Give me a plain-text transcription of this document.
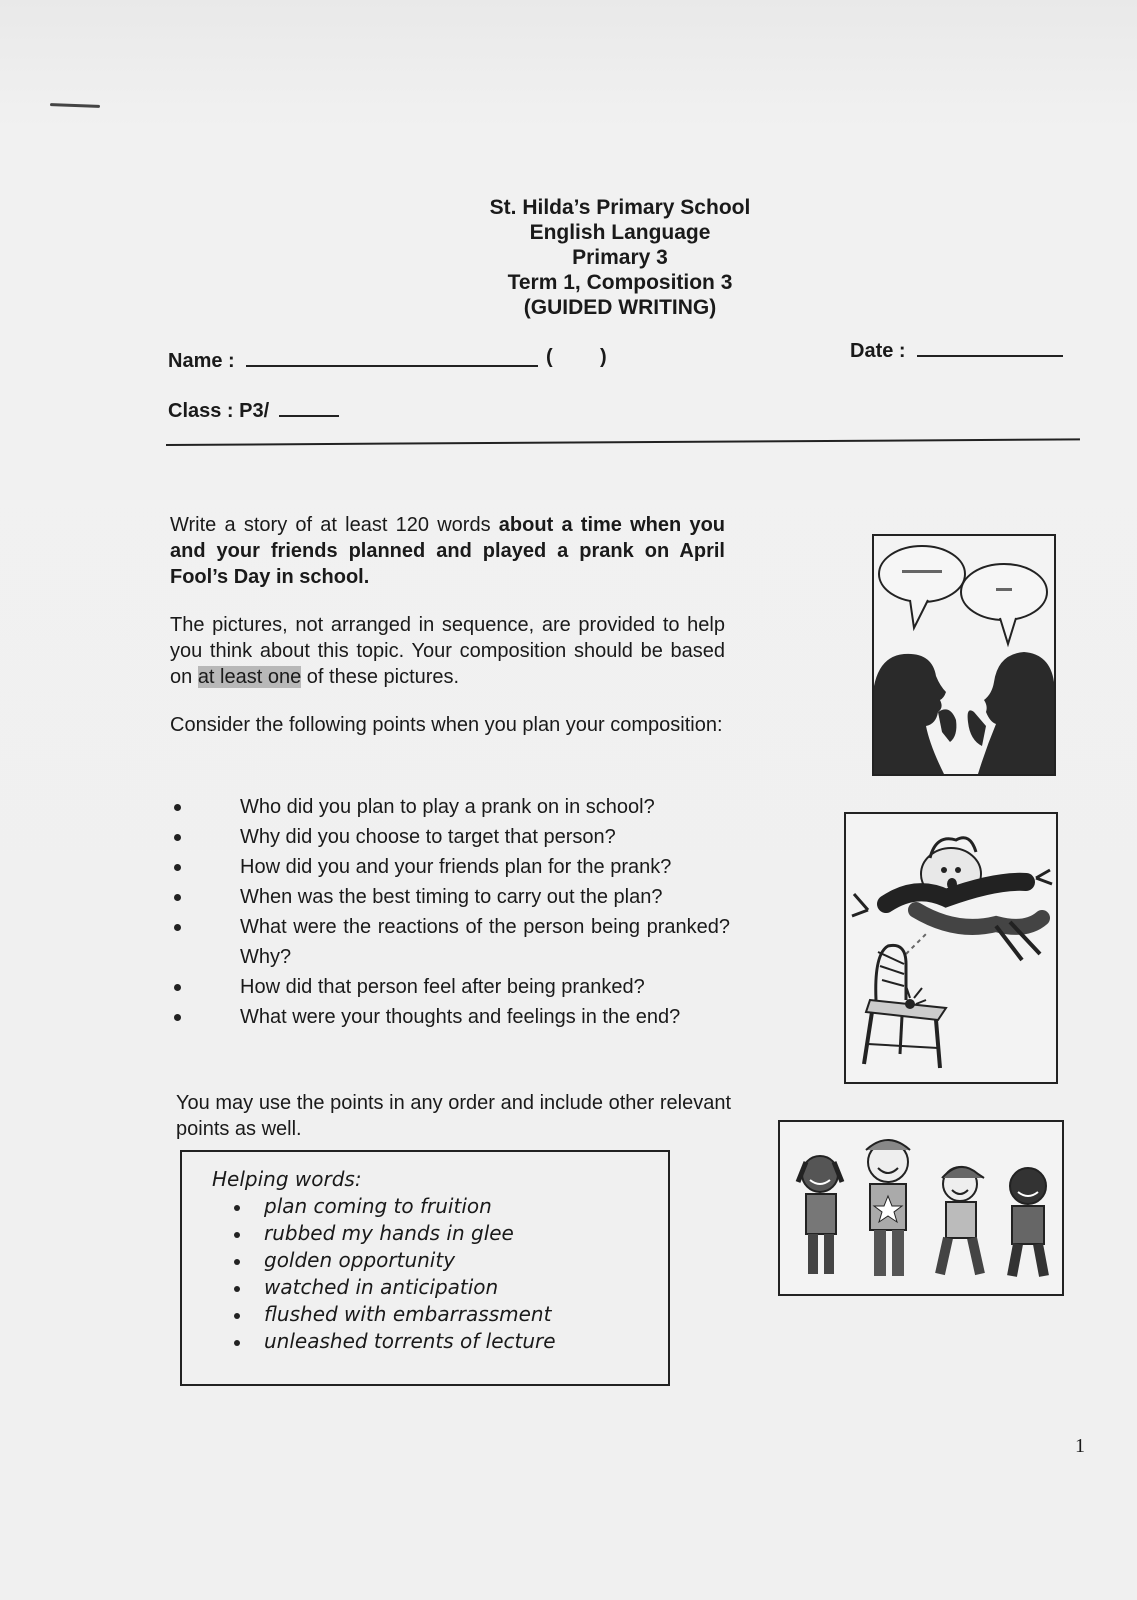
St. Hilda’s Primary School
English Language
Primary 3
Term 1, Composition 3
(GUIDED WRITING)
Name :	( )	Date :
Class : P3/
Write a story of at least 120 words about a time when you and your friends planned and played a prank on April Fool’s Day in school.
The pictures, not arranged in sequence, are provided to help you think about this topic. Your composition should be based on at least one of these pictures.
Consider the following points when you plan your composition:
Who did you plan to play a prank on in school?
Why did you choose to target that person?
How did you and your friends plan for the prank?
When was the best timing to carry out the plan?
What were the reactions of the person being pranked? Why?
How did that person feel after being pranked?
What were your thoughts and feelings in the end?
You may use the points in any order and include other relevant points as well.
Helping words:
plan coming to fruition
rubbed my hands in glee
golden opportunity
watched in anticipation
flushed with embarrassment
unleashed torrents of lecture
1
